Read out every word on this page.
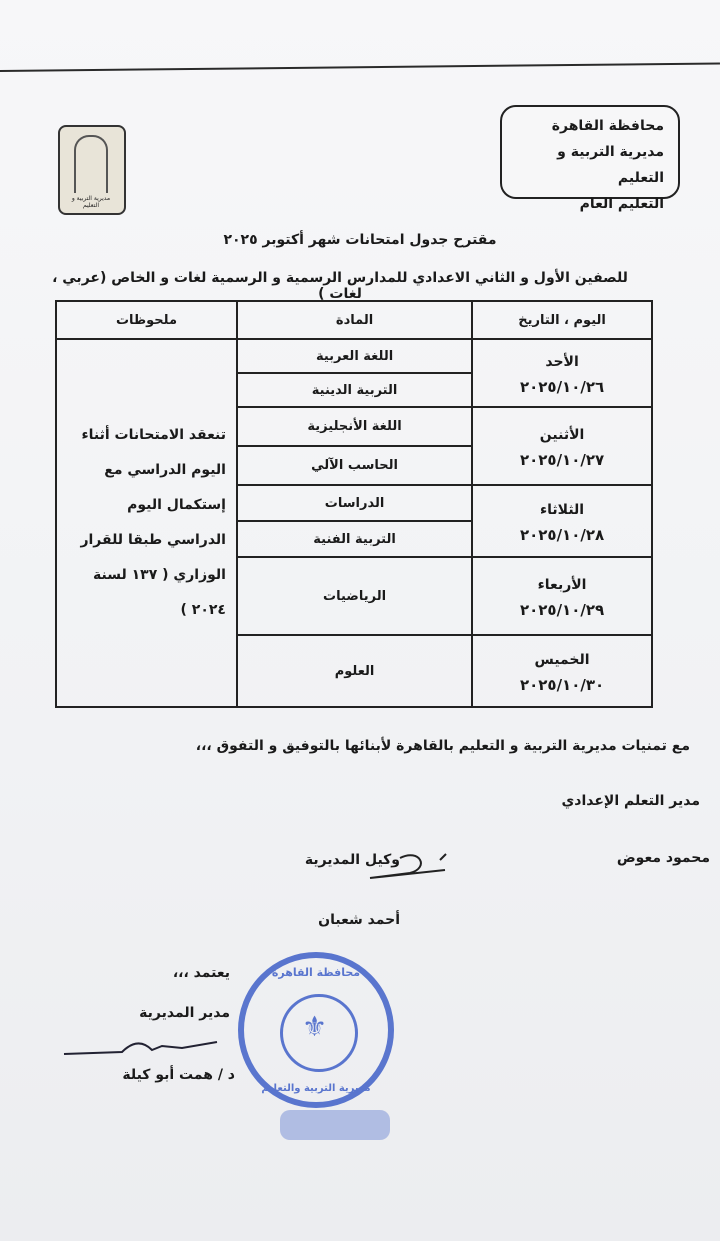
مديرية التربية و التعليم
محافظة القاهرة
مديرية التربية و التعليم
التعليم العام
مقترح جدول امتحانات شهر أكتوبر ٢٠٢٥
للصفين الأول و الثاني الاعدادي للمدارس الرسمية و الرسمية لغات و الخاص (عربي ، لغات )
اليوم ، التاريخ	المادة	ملحوظات

الأحد
٢٠٢٥/١٠/٢٦	اللغة العربية	تنعقد الامتحانات أثناء اليوم الدراسي مع إستكمال اليوم الدراسي طبقا للقرار الوزاري ( ١٣٧ لسنة ٢٠٢٤ )
	التربية الدينية	

الأثنين
٢٠٢٥/١٠/٢٧	اللغة الأنجليزية	
	الحاسب الآلي	

الثلاثاء
٢٠٢٥/١٠/٢٨	الدراسات	
	التربية الفنية	

الأربعاء
٢٠٢٥/١٠/٢٩	الرياضيات	

الخميس
٢٠٢٥/١٠/٣٠	العلوم	
مع تمنيات مديرية التربية و التعليم بالقاهرة لأبنائها بالتوفيق و التفوق ،،،
مدير التعلم الإعدادي
محمود معوض
وكيل المديرية
أحمد شعبان
محافظة القاهرة
⚜
مديرية التربية والتعليم
يعتمد ،،،
مدير المديرية
د / همت أبو كيلة
